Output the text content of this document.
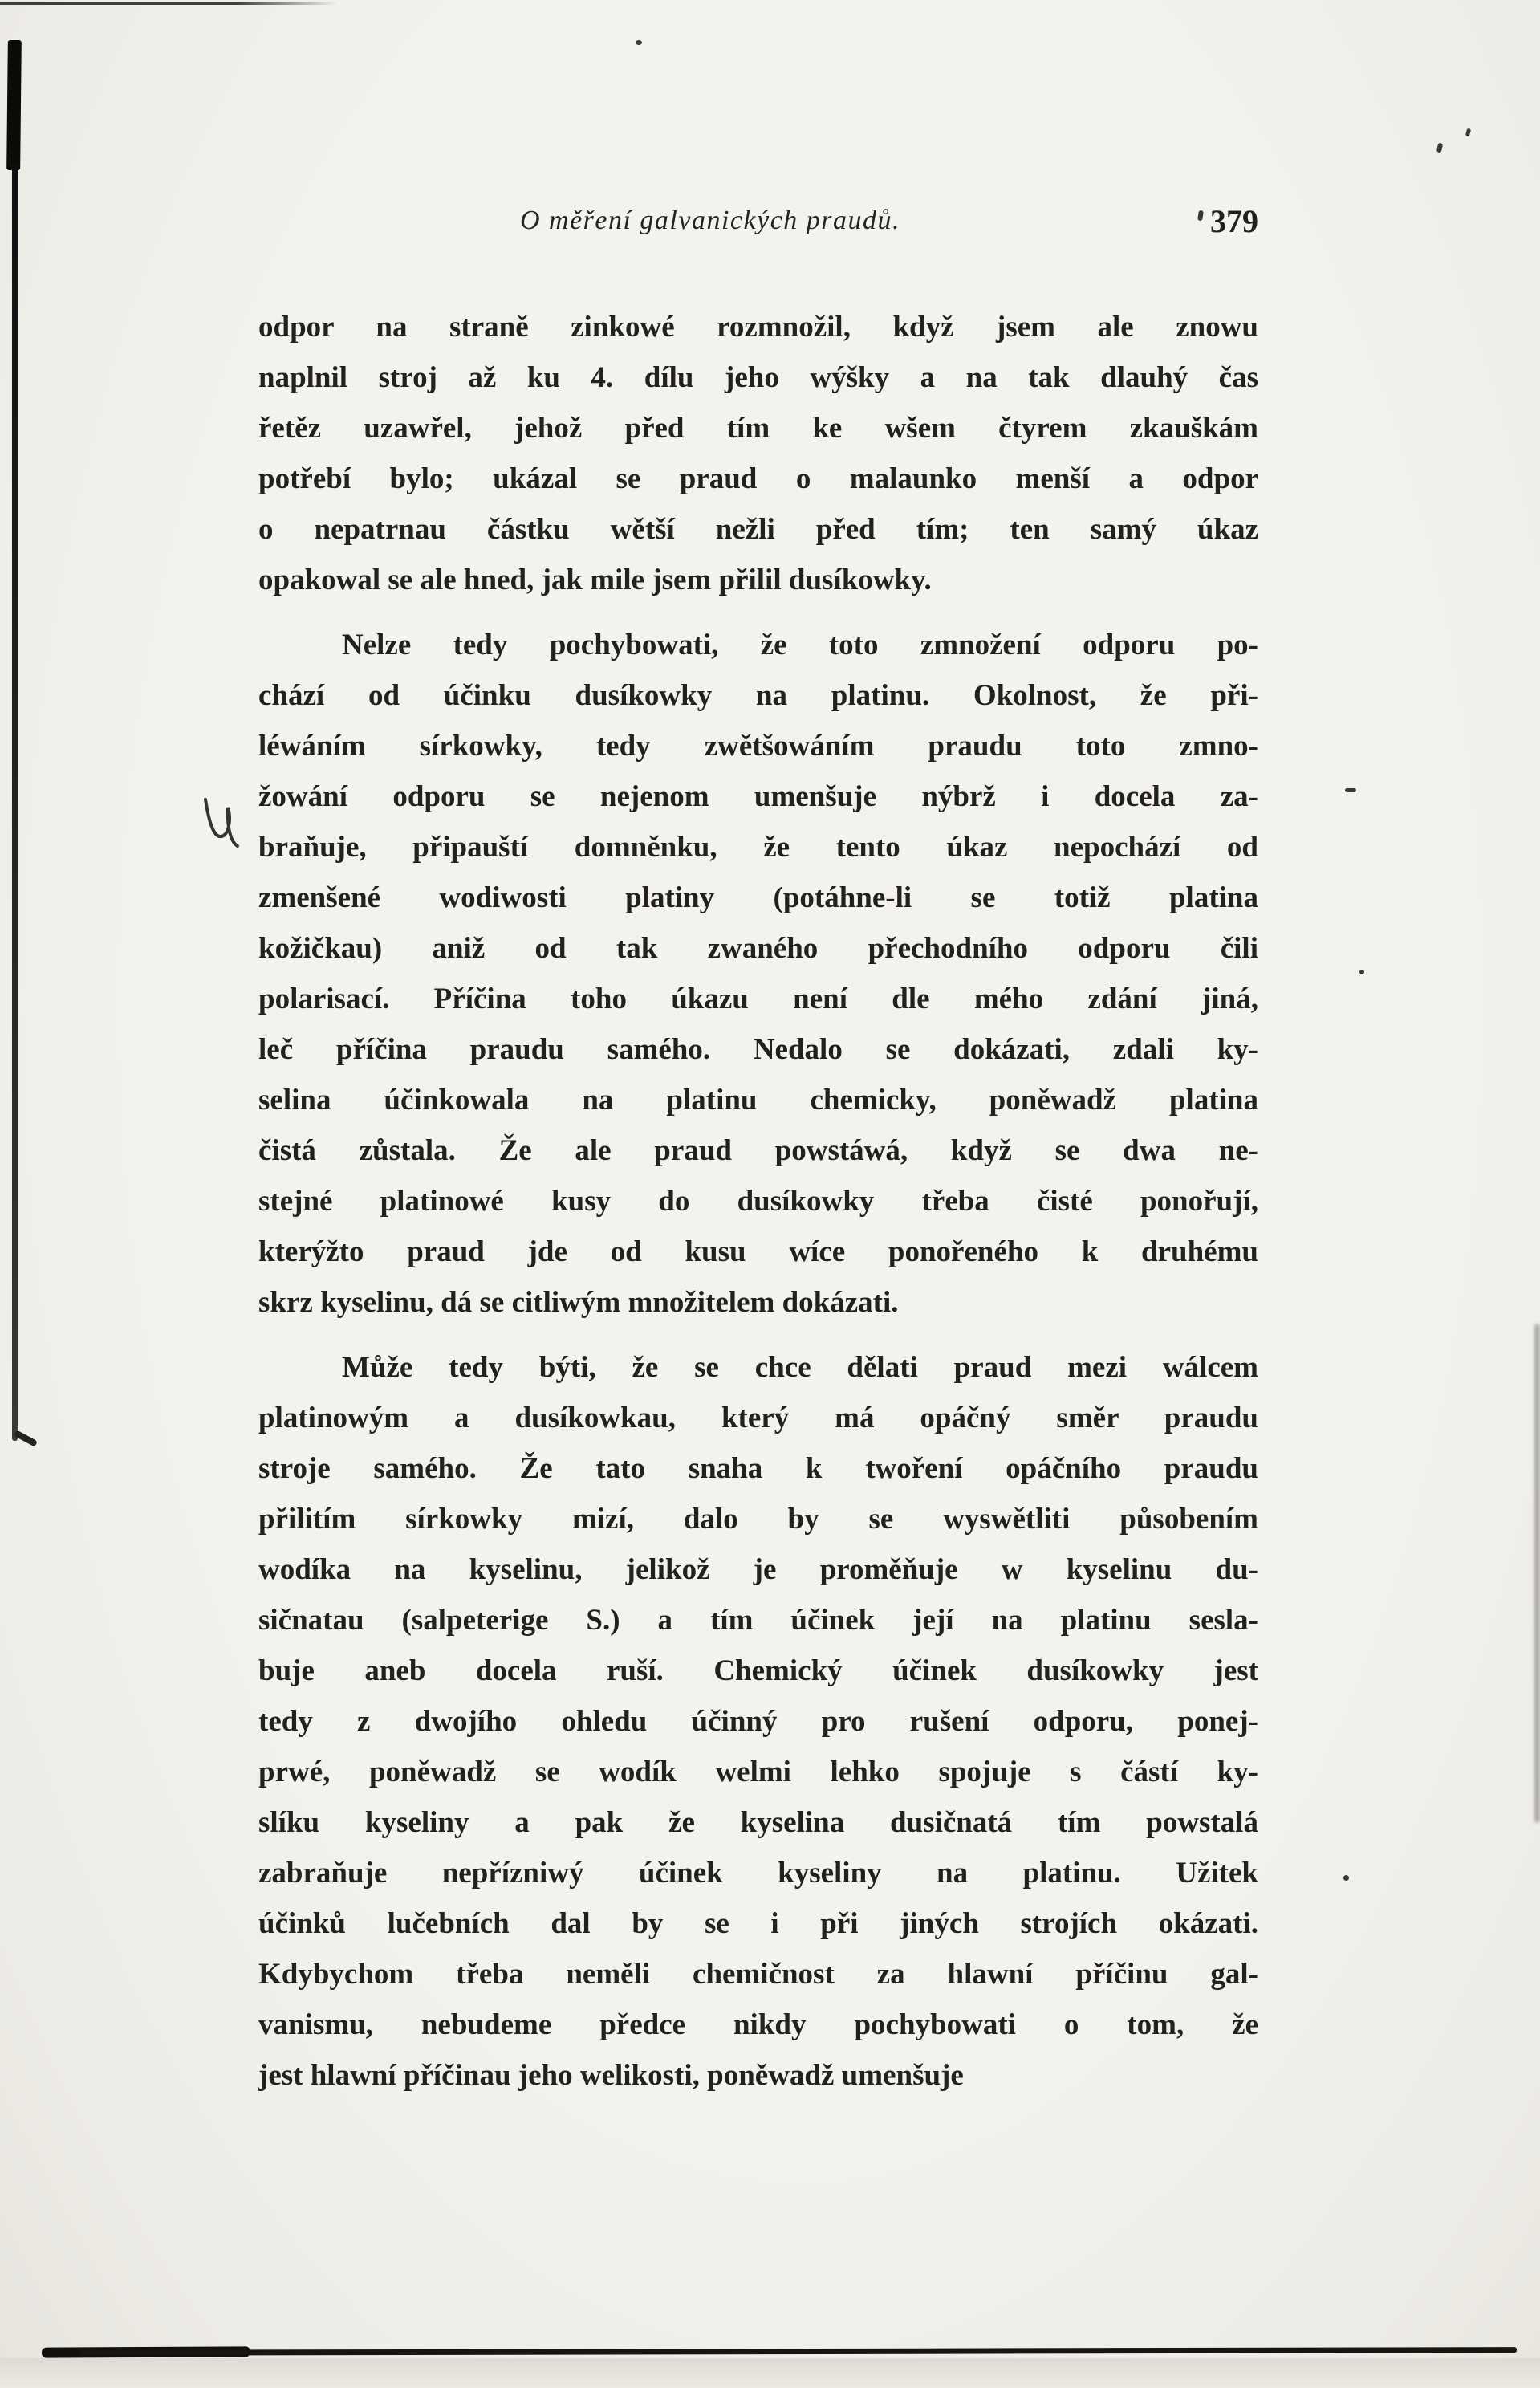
O měření galvanických praudů.	379
odpor na straně zinkowé rozmnožil, když jsem ale znowu
naplnil stroj až ku 4. dílu jeho wýšky a na tak dlauhý čas
řetěz uzawřel, jehož před tím ke wšem čtyrem zkauškám
potřebí bylo; ukázal se praud o malaunko menší a odpor
o nepatrnau částku wětší nežli před tím; ten samý úkaz
opakowal se ale hned, jak mile jsem přilil dusíkowky.
Nelze tedy pochybowati, že toto zmnožení odporu po-
chází od účinku dusíkowky na platinu. Okolnost, že při-
léwáním sírkowky, tedy zwětšowáním praudu toto zmno-
žowání odporu se nejenom umenšuje nýbrž i docela za-
braňuje, připauští domněnku, že tento úkaz nepochází od
zmenšené wodiwosti platiny (potáhne-li se totiž platina
kožičkau) aniž od tak zwaného přechodního odporu čili
polarisací. Příčina toho úkazu není dle mého zdání jiná,
leč příčina praudu samého. Nedalo se dokázati, zdali ky-
selina účinkowala na platinu chemicky, poněwadž platina
čistá zůstala. Že ale praud powstáwá, když se dwa ne-
stejné platinowé kusy do dusíkowky třeba čisté ponořují,
kterýžto praud jde od kusu wíce ponořeného k druhému
skrz kyselinu, dá se citliwým množitelem dokázati.
Může tedy býti, že se chce dělati praud mezi wálcem
platinowým a dusíkowkau, který má opáčný směr praudu
stroje samého. Že tato snaha k twoření opáčního praudu
přilitím sírkowky mizí, dalo by se wyswětliti působením
wodíka na kyselinu, jelikož je proměňuje w kyselinu du-
sičnatau (salpeterige S.) a tím účinek její na platinu sesla-
buje aneb docela ruší. Chemický účinek dusíkowky jest
tedy z dwojího ohledu účinný pro rušení odporu, ponej-
prwé, poněwadž se wodík welmi lehko spojuje s částí ky-
slíku kyseliny a pak že kyselina dusičnatá tím powstalá
zabraňuje nepřízniwý účinek kyseliny na platinu. Užitek
účinků lučebních dal by se i při jiných strojích okázati.
Kdybychom třeba neměli chemičnost za hlawní příčinu gal-
vanismu, nebudeme předce nikdy pochybowati o tom, že
jest hlawní příčinau jeho welikosti, poněwadž umenšuje
